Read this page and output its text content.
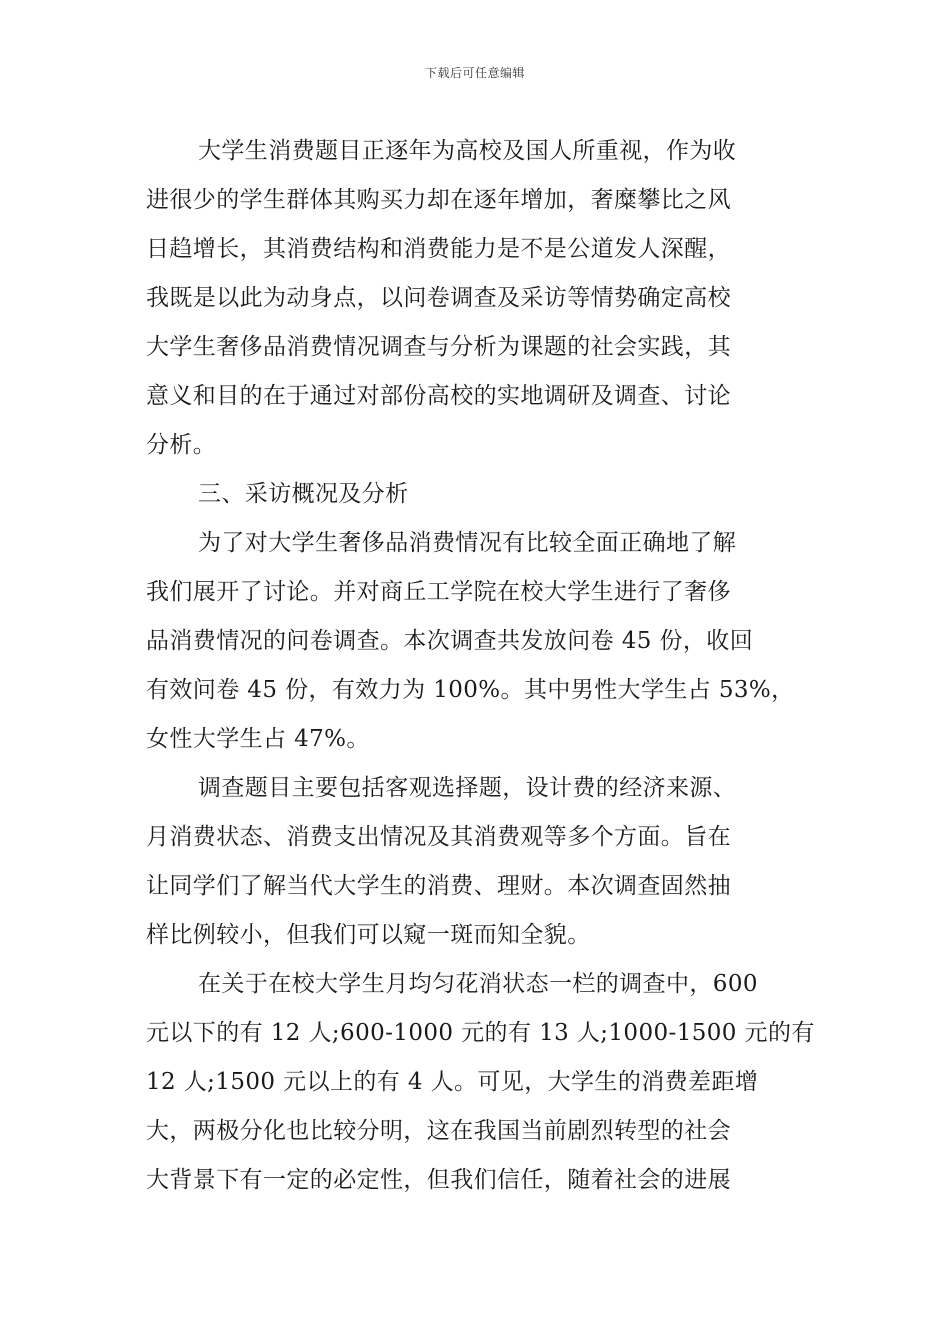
下载后可任意编辑
大学生消费题目正逐年为高校及国人所重视，作为收
进很少的学生群体其购买力却在逐年增加，奢糜攀比之风
日趋增长，其消费结构和消费能力是不是公道发人深醒，
我既是以此为动身点，以问卷调查及采访等情势确定高校
大学生奢侈品消费情况调查与分析为课题的社会实践，其
意义和目的在于通过对部份高校的实地调研及调查、讨论
分析。
三、采访概况及分析
为了对大学生奢侈品消费情况有比较全面正确地了解
我们展开了讨论。并对商丘工学院在校大学生进行了奢侈
品消费情况的问卷调查。本次调查共发放问卷 45 份，收回
有效问卷 45 份，有效力为 100%。其中男性大学生占 53%，
女性大学生占 47%。
调查题目主要包括客观选择题，设计费的经济来源、
月消费状态、消费支出情况及其消费观等多个方面。旨在
让同学们了解当代大学生的消费、理财。本次调查固然抽
样比例较小，但我们可以窥一斑而知全貌。
在关于在校大学生月均匀花消状态一栏的调查中，600
元以下的有 12 人;600-1000 元的有 13 人;1000-1500 元的有
12 人;1500 元以上的有 4 人。可见，大学生的消费差距增
大，两极分化也比较分明，这在我国当前剧烈转型的社会
大背景下有一定的必定性，但我们信任，随着社会的进展
